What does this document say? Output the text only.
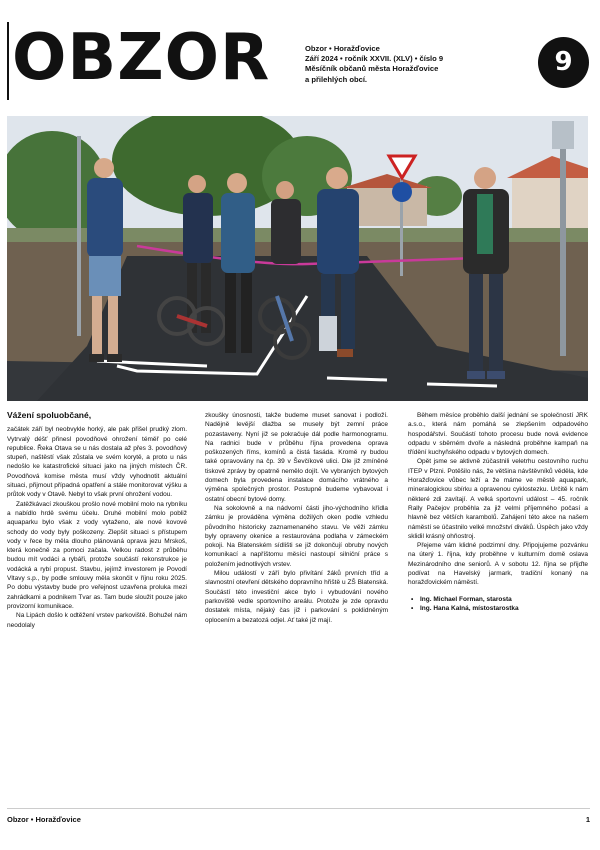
OBZOR	Obzor • Horažďovice
Září 2024 • ročník XXVII. (XLV) • číslo 9
Měsíčník občanů města Horažďovice
a přilehlých obcí.
9
Vážení spoluobčané,

začátek září byl neobvykle horký, ale pak přišel prudký zlom. Vytrvalý déšť přinesl povodňové ohrožení téměř po celé republice. Řeka Otava se u nás dostala až přes 3. povodňový stupeň, naštěstí však zůstala ve svém korytě, a proto u nás nedošlo ke katastrofické situaci jako na jiných místech ČR. Povodňová komise města musí vždy vyhodnotit aktuální situaci, přijmout případná opatření a stále monitorovat výšku a průtok vody v Otavě. Nebyl to však první ohrožení vodou.

Zatěžkávací zkouškou prošlo nové mobilní molo na rybníku a nabídlo hrdě svému účelu. Druhé mobilní molo pobliž aquaparku bylo však z vody vytaženo, ale nové kovové schody do vody byly poškozeny. Zlepšit situaci s přístupem vody v řece by měla dlouho plánovaná oprava jezu Mrskoš, která konečně za pomoci začala. Velkou radost z průběhu budou mít vodáci a rybáři, protože součástí rekonstrukce je vodácká a rybí propust. Stavbu, jejímž investorem je Povodí Vltavy s.p., by podle smlouvy měla skončit v říjnu roku 2025. Po dobu výstavby bude pro veřejnost uzavřena prolukа mezi zahrádkami a podnikem Tvar as. Tam bude sloužit pouze jako provizorní komunikace.

Na Lipách došlo k odtěžení vrstev parkoviště. Bohužel nám neodolaly

zkoušky únosnosti, takže budeme muset sanovat i podloží. Nadějně levější dlažba se musely být zemní práce pozastaveny. Nyní již se pokračuje dál podle harmonogramu. Na radnici bude v průběhu října provedena oprava poškozených říms, komínů a čistá fasáda. Kromě ry budou také opravovány na čp. 39 v Ševčíkově ulici. Dle již zmíněné tiskové zprávy by opatrně nemělo dojít. Ve vybraných bytových domech byla provedena instalace domácího vrátného a výměna společných prostor. Postupně budeme vybavovat i ostatní obecní bytové domy.

Na sokolovně a na nádvorní části jiho-východního křídla zámku je prováděna výměna dožilých oken podle vzhledu původního historicky zaznamenaného stavu. Ve věži zámku byly opraveny okenice a restaurována podlaha v zámeckém pokoji. Na Blatenském sídlišti se již dokončují obruby nových komunikací a napříštomu měsíci nastoupí silniční práce s položením jednotlivých vrstev.

Milou událostí v září bylo přivítání žáků prvních tříd a slavnostní otevření dětského dopravního hřiště u ZŠ Blatenská. Součástí této investiční akce bylo i vybudování nového parkoviště vedle sportovního areálu. Protože je zde opravdu dostatek místa, nějaký čas již i parkování s poklidněným oplocením a bezatozá odjel. Ať také již mají.

Během měsíce proběhlo další jednání se společností JRK a.s.o., která nám pomáhá se zlepšením odpadového hospodářství. Součástí tohoto procesu bude nová evidence odpadu v sběrném dvoře a následná proběhne kampaň na třídění kuchyňského odpadu v bytových domech.

Opět jsme se aktivně zúčastnili veletrhu cestovního ruchu ITEP v Plzni. Potěšilo nás, že většina návštěvníků věděla, kde Horažďovice vůbec leží a že máme ve městě aquapark, mineralogickou sbírku a opravenou cyklostezku. Určitě k nám některé zdi zavítají. A velká sportovní událost – 45. ročník Rally Pačejov proběhla za již velmi příjemného počasí a hlavně bez větších karambolů. Zahájení této akce na našem náměstí se účastnilo velké množství diváků. Úspěch jako vždy sklidil krásný ohňostroj.

Přejeme vám klidné podzimní dny. Připojujeme pozvánku na úterý 1. října, kdy proběhne v kulturním domě oslava Mezinárodního dne seniorů. A v sobotu 12. října se přijďte podívat na Havelský jarmark, tradiční konaný na horažďovickém náměstí.

• Ing. Michael Forman, starosta
• Ing. Hana Kalná, místostarostka
Obzor • Horažďovice	1
